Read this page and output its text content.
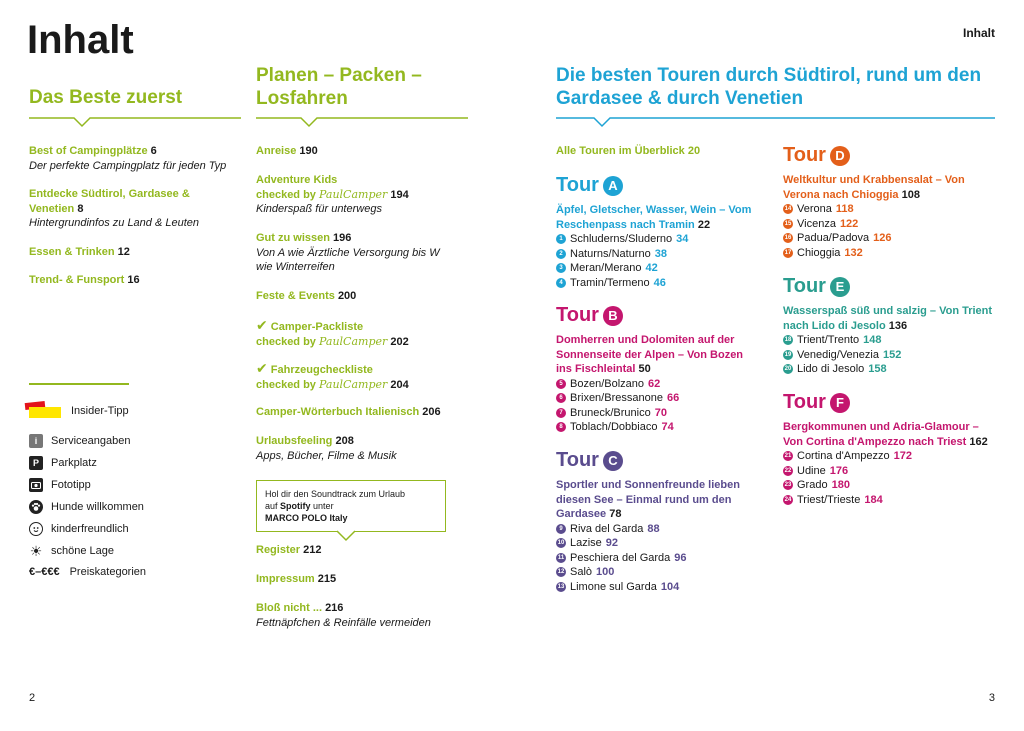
Inhalt	Inhalt
Das Beste zuerst
Best of Campingplätze 6
Der perfekte Campingplatz für jeden Typ
Entdecke Südtirol, Gardasee & Venetien 8
Hintergrundinfos zu Land & Leuten
Essen & Trinken 12
Trend- & Funsport 16
Insider-Tipp
i	Serviceangaben
P	Parkplatz
Fototipp
Hunde willkommen
kinderfreundlich
☀ schöne Lage
€–€€€ Preiskategorien
Planen – Packen – Losfahren
Anreise 190
Adventure Kids
checked by PaulCamper 194
Kinderspaß für unterwegs
Gut zu wissen 196
Von A wie Ärztliche Versorgung bis W wie Winterreifen
Feste & Events 200
✔ Camper-Packliste
checked by PaulCamper 202
✔ Fahrzeugcheckliste
checked by PaulCamper 204
Camper-Wörterbuch Italienisch 206
Urlaubsfeeling 208
Apps, Bücher, Filme & Musik
Hol dir den Soundtrack zum Urlaub
auf Spotify unter
MARCO POLO Italy
Register 212
Impressum 215
Bloß nicht ... 216
Fettnäpfchen & Reinfälle vermeiden
Die besten Touren durch Südtirol, rund um den Gardasee & durch Venetien
Alle Touren im Überblick 20
Tour A
Äpfel, Gletscher, Wasser, Wein – Vom Reschenpass nach Tramin 22
1 Schluderns/Sluderno 34
2 Naturns/Naturno 38
3 Meran/Merano 42
4 Tramin/Termeno 46
Tour B
Domherren und Dolomiten auf der Sonnenseite der Alpen – Von Bozen ins Fischleintal 50
5 Bozen/Bolzano 62
6 Brixen/Bressanone 66
7 Bruneck/Brunico 70
8 Toblach/Dobbiaco 74
Tour C
Sportler und Sonnenfreunde lieben diesen See – Einmal rund um den Gardasee 78
9 Riva del Garda 88
10 Lazise 92
11 Peschiera del Garda 96
12 Salò 100
13 Limone sul Garda 104
Tour D
Weltkultur und Krabbensalat – Von Verona nach Chioggia 108
14 Verona 118
15 Vicenza 122
16 Padua/Padova 126
17 Chioggia 132
Tour E
Wasserspaß süß und salzig – Von Trient nach Lido di Jesolo 136
18 Trient/Trento 148
19 Venedig/Venezia 152
20 Lido di Jesolo 158
Tour F
Bergkommunen und Adria-Glamour – Von Cortina d'Ampezzo nach Triest 162
21 Cortina d'Ampezzo 172
22 Udine 176
23 Grado 180
24 Triest/Trieste 184
2	3
